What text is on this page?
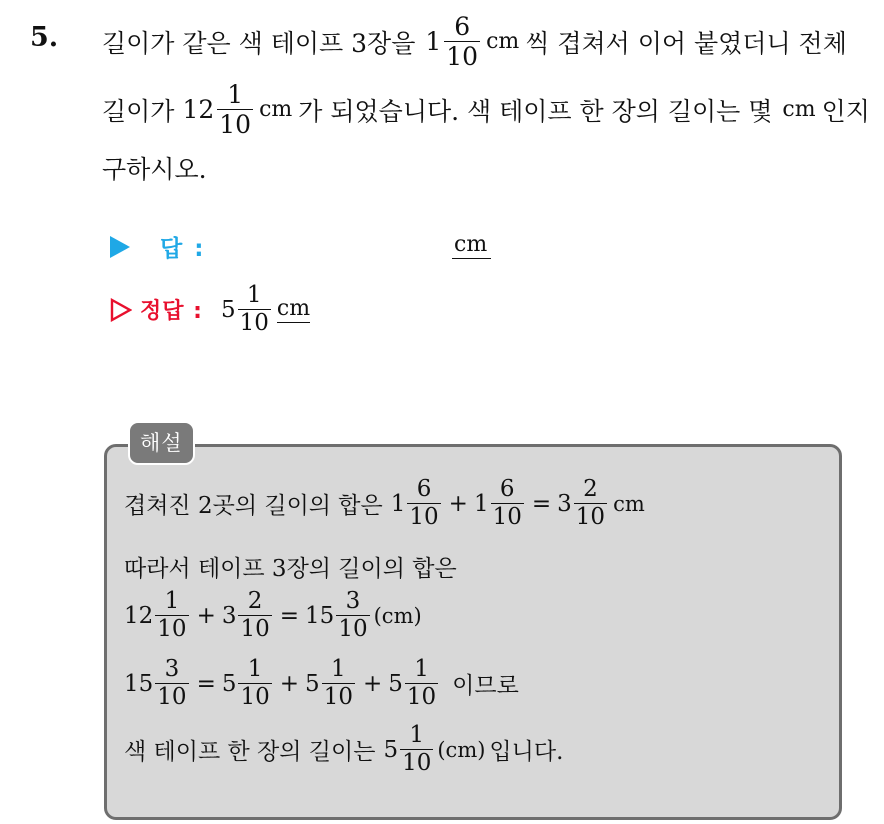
5. 길이가 같은 색 테이프 3장을 $1 \frac{6}{10}$ cm 씩 겹쳐서 이어 붙였더니 전체
길이가 $12 \frac{1}{10}$ cm 가 되었습니다. 색 테이프 한 장의 길이는 몇 cm 인지
구하시오.
답 :	cm
정답 : $5 \frac{1}{10}$ cm
해설
겹쳐진 2곳의 길이의 합은 $1 \frac{6}{10} + 1 \frac{6}{10} = 3 \frac{2}{10}$ cm
따라서 테이프 3장의 길이의 합은
$12 \frac{1}{10} + 3 \frac{2}{10} = 15 \frac{3}{10} (cm)$
$15 \frac{3}{10} = 5 \frac{1}{10} + 5 \frac{1}{10} + 5 \frac{1}{10}$ 이므로
색 테이프 한 장의 길이는 $5 \frac{1}{10} (cm)$ 입니다.
